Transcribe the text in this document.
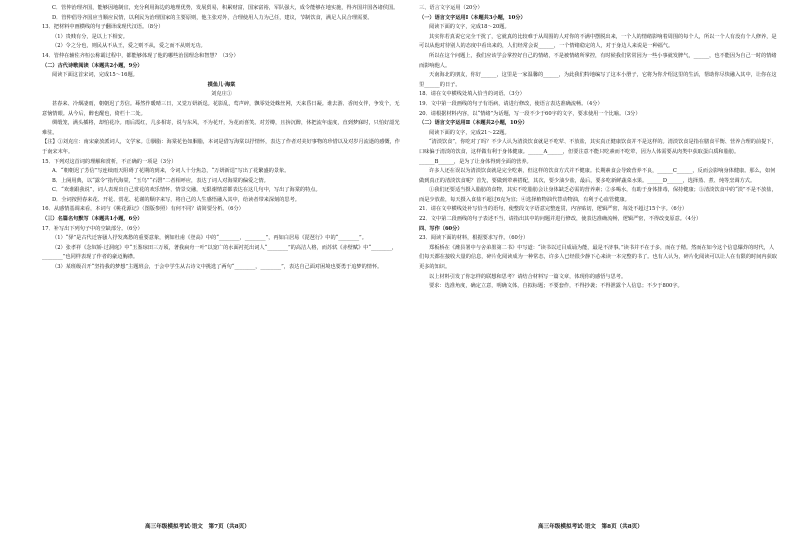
C．管仲治理齐国，能够因地制宜，充分利用海边的地理优势，发展贸易，积累财富，国家富裕，军队强大，成令能够在地实施，得齐国并国各诸侯国。

D．管仲倡导齐国应当顺应民情，以利民为治理国家的主要原则，他主张对外，合理使用人力为己任，建议，节制饮食，满足人民合理需要。

13．把材料中画横线的句子翻译成现代汉语。（8分）

（1）贵贱有分，是以上下相安。

（2）令之分也，则民从不从王，爱之则不从，爱之而不从则无功。

14．管仲在辅佐齐桓公称霸过程中，都能够体现了他的哪些治国理念和智慧？（3分）

（二）古代诗歌阅读（本题共2小题，9分）

阅读下面这首宋词，完成15～16题。

摸鱼儿·海棠

刘克庄①

甚春来、冷烟凄雨，朝朝迟了芳信。蓦然作暖晴三日，又觉万妍新逞。花影乱，莺声碎，飘零处处蛛丝网，天来昏日凝。谁去游、香闺女伴，争发个，无意恼情眼。从今后，醉也醒也，倚栏十二处。

绸缎笼，满头插将，却怕花冷。雨后霞红，几多相寄，说与东风，不为花开，为花而喜笑。对芳樽，且拚沉醉，休把流年虚度，直到梦寐时，只怕好韶光难驻。

【注】①刘克庄：南宋豪放派词人，文学家。②胭脂：海棠花色如胭脂，本词是借写海棠以抒情怀，表达了作者对美好事物的珍惜以及对岁月流逝的感慨，作于南宋末年。

15．下列对这首词的理解和赏析，不正确的一项是（3分）

A．“朝朝迟了芳信”写连续雨天阻碍了花期的到来，令词人十分焦急，“万妍新逞”写出了花繁盛的景象。

B．上阕用典，以“露令”指代海棠，“玉鸟”“石磬”二者相呼应，表达了词人对海棠的偏爱之情。

C．“欢谁跟我说”，词人表现出自己赏花的欢乐情怀，情景交融，无限谢情意都表达在这几句中，写出了海棠的特点。

D．全词按照春来花、开花、赏花、花谢的顺序来写，将自己的人生感悟融入其中，给读者带来深刻的思考。

16．从感情基调来看，本词与《桃花源记》（图版参照）有何不同？请简要分析。（6分）

（三）名篇名句默写（本题共1小题，6分）

17．补写出下列句子中的空缺部分。（6分）

（1）“驿”是古代迁客骚人抒发离愁的重要意象，例如杜甫《登高》中的“________，________”，再如白居易《琵琶行》中的“________”。

（2）张孝祥《念奴娇·过洞庭》中“玉鉴琼田三万顷，著我扁舟一叶”以宽广的水面衬托出词人“________”的高洁人格，而苏轼《赤壁赋》中“________，________”也同样表现了作者的豪迈胸襟。

（3）某班级召开“坚持我的梦想”主题班会，于会中学生从古诗文中挑选了两句“________，________”，表达自己面对困境也要勇于追梦的情怀。

三、语言文字运用（20分）

（一）语言文字运用Ⅰ（本题共3小题，10分）

阅读下面的文字，完成18～20题。

其实你若真说它完全干扰了，它就真的比较难于从周围的人对你的不满中摆脱出来，一个人的情绪影响着周围的每个人，所以一个人有没有个人修养，是可以从他对待别人的态度中看出来的，人们经常会说______，一个情绪稳定的人，对于身边人来说是一种福气。

所以在这个问题上，我们应该学会掌控好自己的情绪，不是被情绪所掌控，有时候我们常常因为一些小事就发脾气，______，也不能因为自己一时的情绪而影响他人。

天南海北的朋友，你好______，这里是一家温馨的______，为此我们特地编写了这本小册子，它将为你介绍这里的生活，帮助你尽快融入其中，让你在这里______的日子。

18．请在文中横线处填入恰当的词语。（3分）

19．文中第一段画线的句子有语病，请进行修改，使语言表达准确流畅。（4分）

20．请根据材料内容，以“情绪”为话题，写一段不少于60字的文字，要求使用一个比喻。（3分）

（二）语言文字运用Ⅱ（本题共2小题，10分）

阅读下面的文字，完成21～22题。

“清淡饮食”，你吃对了吗？不少人认为清淡饮食就是不吃荤、不放盐，其实真正健康饮食并不是这样的。清淡饮食是指在膳食平衡、营养合理的前提下，口味偏于清淡的饮食，这样做有利于身体健康。______A______，但要注意不能只吃素而不吃荤，因为人体需要从肉类中获取蛋白质和脂肪。______B______，是为了让身体得到全面的营养。

许多人还在误以为清淡饮食就是完全吃素，但这样的饮食方式并不健康。长期素食会导致营养不良，______C______，反而会影响身体健康。那么，如何做到真正的清淡饮食呢？首先，要做到荤素搭配，其次，要少油少盐，最后，要多吃新鲜蔬菜水果。______D______，选择蒸、煮、炖等烹调方式。

①我们还要适当摄入脂肪的食物，其实不吃脂肪会让身体缺乏必需的营养素；②多喝水，有助于身体排毒，保持健康；③清淡饮食中的“淡”不是不放盐，而是少放盐，每天摄入食盐不超过6克为宜；④选择植物油代替动物油，有利于心血管健康。

21．请在文中横线处补写恰当的语句，使整段文字语意完整连贯，内容贴切，逻辑严密，每处不超过15个字。（6分）

22．文中第二段画线的句子表述不当，请指出其中的问题并进行修改，使表达准确流畅，逻辑严密，不得改变原意。（4分）

四、写作（60分）

23．阅读下面的材料，根据要求写作。（60分）

郑板桥在《潍县署中与舍弟墨第二书》中写道：“读书以过目成诵为能，最是不济事。”读书并不在于多，而在于精。然而在如今这个信息爆炸的时代，人们每天都在接收大量的信息，碎片化阅读成为一种常态，许多人已经很少静下心来读一本完整的书了。也有人认为，碎片化阅读可以让人在有限的时间内获取更多的知识。

以上材料引发了你怎样的联想和思考？请结合材料写一篇文章，体现你的感悟与思考。

要求：选准角度，确定立意，明确文体，自拟标题；不要套作，不得抄袭；不得泄露个人信息；不少于800字。

高三年级模拟考试·语文　第7页（共8页）	高三年级模拟考试·语文　第8页（共8页）
